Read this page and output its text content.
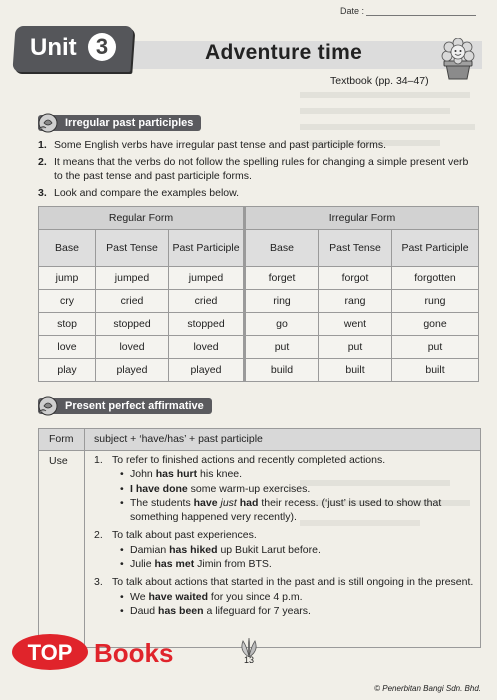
Date :
Unit 3	Adventure time
Textbook (pp. 34–47)
Irregular past participles
1. Some English verbs have irregular past tense and past participle forms.
2. It means that the verbs do not follow the spelling rules for changing a simple present verb to the past tense and past participle forms.
3. Look and compare the examples below.
Regular Form			Irregular Form		
Base	Past Tense	Past Participle	Base	Past Tense	Past Participle
jump	jumped	jumped	forget	forgot	forgotten
cry	cried	cried	ring	rang	rung
stop	stopped	stopped	go	went	gone
love	loved	loved	put	put	put
play	played	played	build	built	built
Present perfect affirmative
Form subject + ‘have/has’ + past participle
Use	1. To refer to finished actions and recently completed actions.
• John has hurt his knee.
• I have done some warm-up exercises.
• The students have just had their recess. (‘just’ is used to show that
something happened very recently).
2. To talk about past experiences.
• Damian has hiked up Bukit Larut before.
• Julie has met Jimin from BTS.
3. To talk about actions that started in the past and is still ongoing in the present.
• We have waited for you since 4 p.m.
• Daud has been a lifeguard for 7 years.
TOP Books	13
© Penerbitan Bangi Sdn. Bhd.
